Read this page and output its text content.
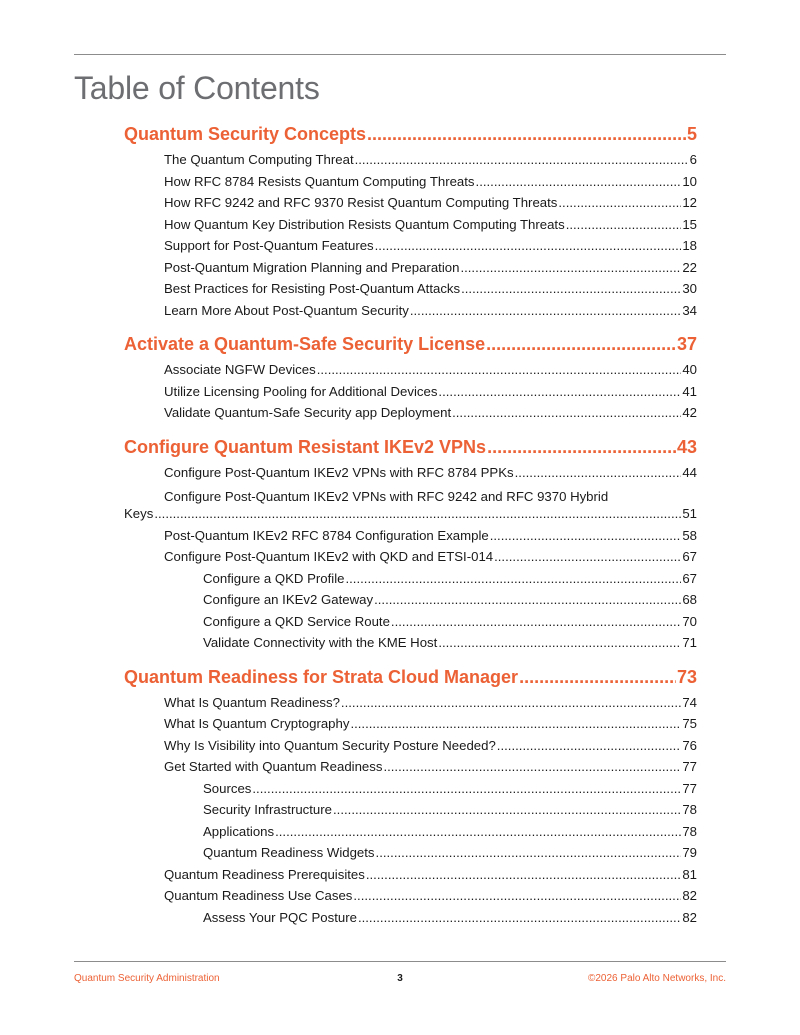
Table of Contents
Quantum Security Concepts .....	5
The Quantum Computing Threat .....	6
How RFC 8784 Resists Quantum Computing Threats .....	10
How RFC 9242 and RFC 9370 Resist Quantum Computing Threats .....	12
How Quantum Key Distribution Resists Quantum Computing Threats .....	15
Support for Post-Quantum Features .....	18
Post-Quantum Migration Planning and Preparation .....	22
Best Practices for Resisting Post-Quantum Attacks .....	30
Learn More About Post-Quantum Security .....	34
Activate a Quantum-Safe Security License .....	37
Associate NGFW Devices .....	40
Utilize Licensing Pooling for Additional Devices .....	41
Validate Quantum-Safe Security app Deployment .....	42
Configure Quantum Resistant IKEv2 VPNs .....	43
Configure Post-Quantum IKEv2 VPNs with RFC 8784 PPKs .....	44
Configure Post-Quantum IKEv2 VPNs with RFC 9242 and RFC 9370 Hybrid
Keys .....	51
Post-Quantum IKEv2 RFC 8784 Configuration Example .....	58
Configure Post-Quantum IKEv2 with QKD and ETSI-014 .....	67
Configure a QKD Profile .....	67
Configure an IKEv2 Gateway .....	68
Configure a QKD Service Route .....	70
Validate Connectivity with the KME Host .....	71
Quantum Readiness for Strata Cloud Manager .....	73
What Is Quantum Readiness? .....	74
What Is Quantum Cryptography .....	75
Why Is Visibility into Quantum Security Posture Needed? .....	76
Get Started with Quantum Readiness .....	77
Sources .....	77
Security Infrastructure .....	78
Applications .....	78
Quantum Readiness Widgets .....	79
Quantum Readiness Prerequisites .....	81
Quantum Readiness Use Cases .....	82
Assess Your PQC Posture .....	82
Quantum Security Administration	3	©2026 Palo Alto Networks, Inc.
